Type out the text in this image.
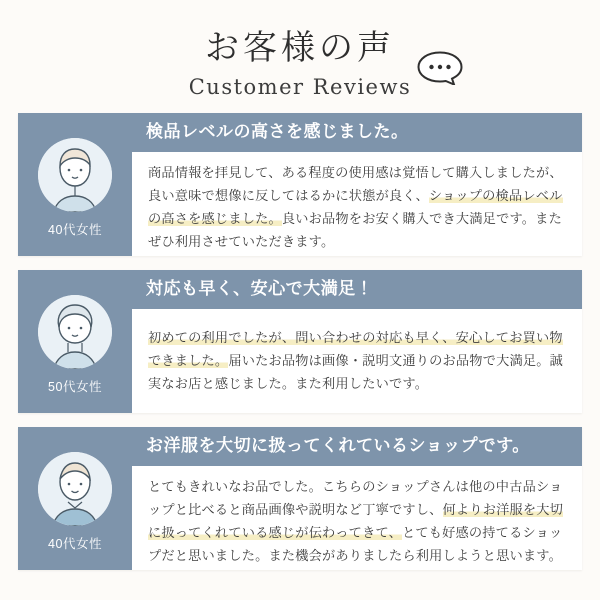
お客様の声
Customer Reviews
40代女性
検品レベルの高さを感じました。
商品情報を拝見して、ある程度の使用感は覚悟して購入しましたが、良い意味で想像に反してはるかに状態が良く、ショップの検品レベルの高さを感じました。良いお品物をお安く購入でき大満足です。またぜひ利用させていただきます。
50代女性
対応も早く、安心で大満足！
初めての利用でしたが、問い合わせの対応も早く、安心してお買い物できました。届いたお品物は画像・説明文通りのお品物で大満足。誠実なお店と感じました。また利用したいです。
40代女性
お洋服を大切に扱ってくれているショップです。
とてもきれいなお品でした。こちらのショップさんは他の中古品ショップと比べると商品画像や説明など丁寧ですし、何よりお洋服を大切に扱ってくれている感じが伝わってきて、とても好感の持てるショップだと思いました。また機会がありましたら利用しようと思います。
